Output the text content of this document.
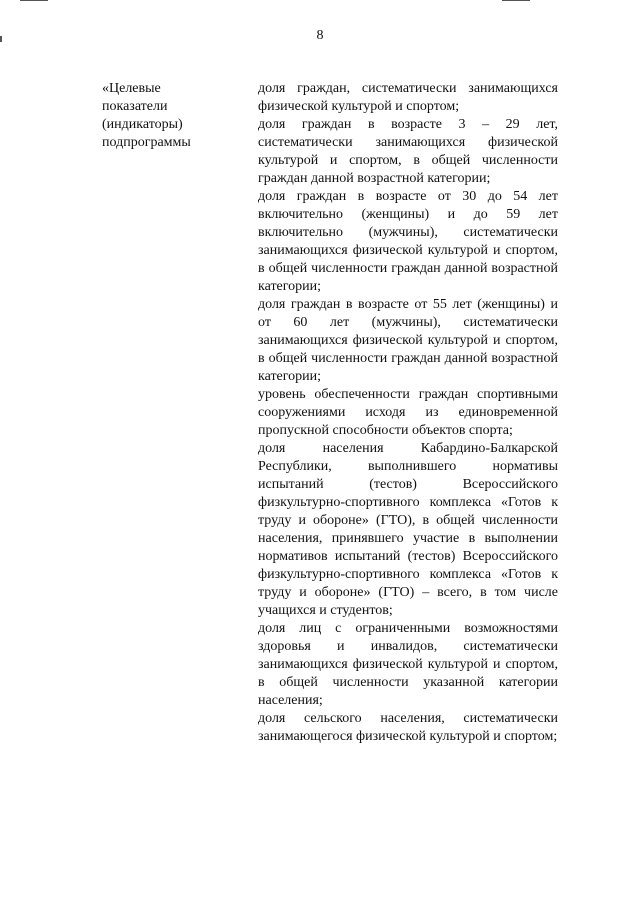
8
«Целевые
показатели
(индикаторы)
подпрограммы

доля граждан, систематически занимающихся физической культурой и спортом;

доля граждан в возрасте 3 – 29 лет, систематически занимающихся физической культурой и спортом, в общей численности граждан данной возрастной категории;

доля граждан в возрасте от 30 до 54 лет включительно (женщины) и до 59 лет включительно (мужчины), систематически занимающихся физической культурой и спортом, в общей численности граждан данной возрастной категории;

доля граждан в возрасте от 55 лет (женщины) и от 60 лет (мужчины), систематически занимающихся физической культурой и спортом, в общей численности граждан данной возрастной категории;

уровень обеспеченности граждан спортивными сооружениями исходя из единовременной пропускной способности объектов спорта;

доля населения Кабардино-Балкарской Республики, выполнившего нормативы испытаний (тестов) Всероссийского физкультурно-спортивного комплекса «Готов к труду и обороне» (ГТО), в общей численности населения, принявшего участие в выполнении нормативов испытаний (тестов) Всероссийского физкультурно-спортивного комплекса «Готов к труду и обороне» (ГТО) – всего, в том числе учащихся и студентов;

доля лиц с ограниченными возможностями здоровья и инвалидов, систематически занимающихся физической культурой и спортом, в общей численности указанной категории населения;

доля сельского населения, систематически занимающегося физической культурой и спортом;
